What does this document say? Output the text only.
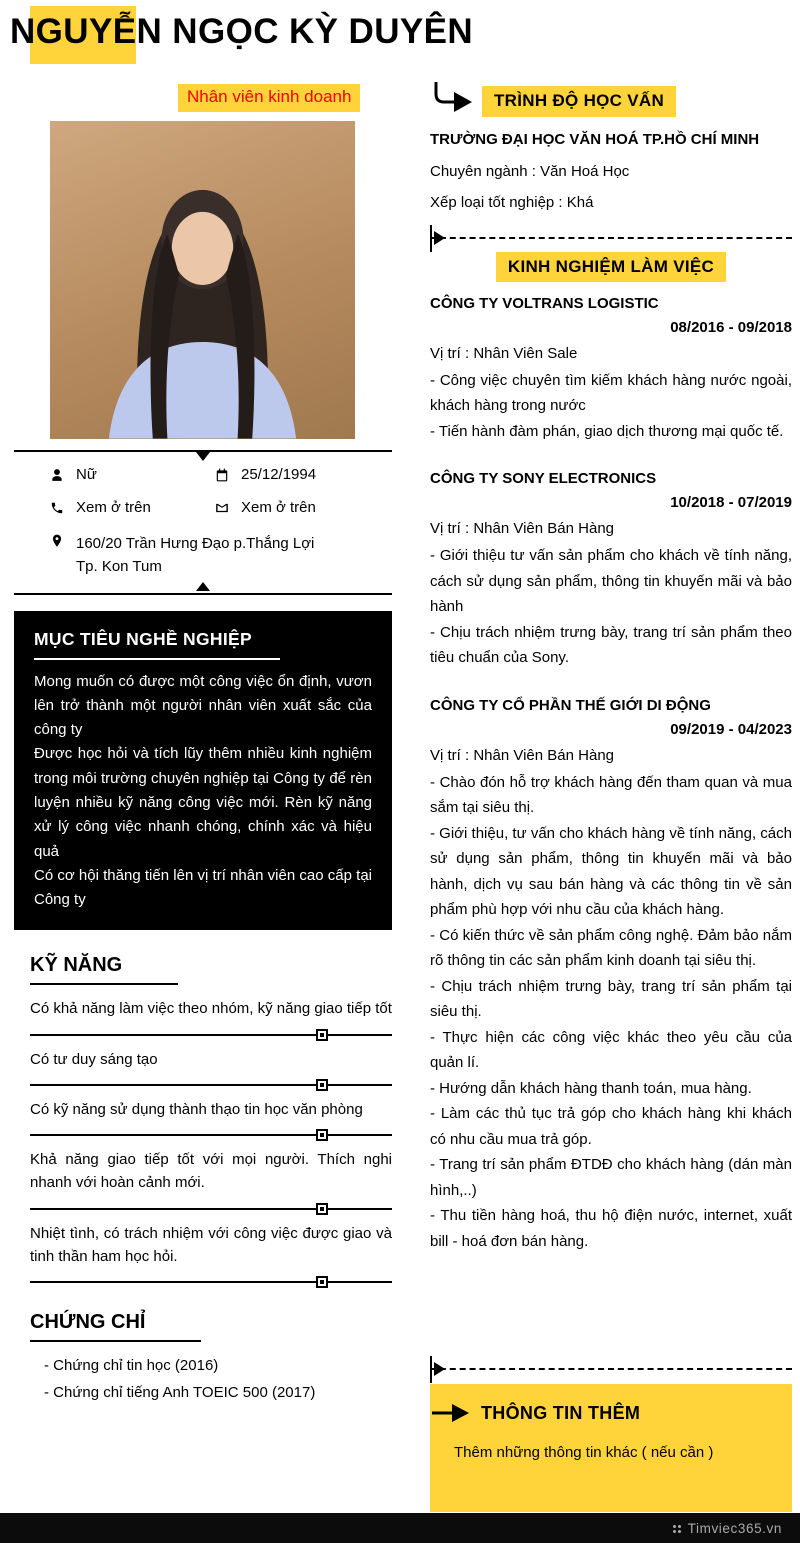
NGUYỄN NGỌC KỲ DUYÊN
Nhân viên kinh doanh
Nữ	25/12/1994
Xem ở trên	Xem ở trên
160/20 Trần Hưng Đạo p.Thắng Lợi Tp. Kon Tum
MỤC TIÊU NGHỀ NGHIỆP

Mong muốn có được một công việc ổn định, vươn lên trở thành một người nhân viên xuất sắc của công ty

Được học hỏi và tích lũy thêm nhiều kinh nghiệm trong môi trường chuyên nghiệp tại Công ty để rèn luyện nhiều kỹ năng công việc mới. Rèn kỹ năng xử lý công việc nhanh chóng, chính xác và hiệu quả

Có cơ hội thăng tiến lên vị trí nhân viên cao cấp tại Công ty

KỸ NĂNG

Có khả năng làm việc theo nhóm, kỹ năng giao tiếp tốt

Có tư duy sáng tạo

Có kỹ năng sử dụng thành thạo tin học văn phòng

Khả năng giao tiếp tốt với mọi người. Thích nghi nhanh với hoàn cảnh mới.

Nhiệt tình, có trách nhiệm với công việc được giao và tinh thần ham học hỏi.

CHỨNG CHỈ

- Chứng chỉ tin học (2016)

- Chứng chỉ tiếng Anh TOEIC 500 (2017)

TRÌNH ĐỘ HỌC VẤN
TRƯỜNG ĐẠI HỌC VĂN HOÁ TP.HỒ CHÍ MINH

Chuyên ngành : Văn Hoá Học

Xếp loại tốt nghiệp : Khá

KINH NGHIỆM LÀM VIỆC
CÔNG TY VOLTRANS LOGISTIC
08/2016 - 09/2018

Vị trí : Nhân Viên Sale

- Công việc chuyên tìm kiếm khách hàng nước ngoài, khách hàng trong nước

- Tiến hành đàm phán, giao dịch thương mại quốc tế.

CÔNG TY SONY ELECTRONICS
10/2018 - 07/2019

Vị trí : Nhân Viên Bán Hàng

- Giới thiệu tư vấn sản phẩm cho khách về tính năng, cách sử dụng sản phẩm, thông tin khuyến mãi và bảo hành

- Chịu trách nhiệm trưng bày, trang trí sản phẩm theo tiêu chuẩn của Sony.

CÔNG TY CỔ PHẦN THẾ GIỚI DI ĐỘNG
09/2019 - 04/2023

Vị trí : Nhân Viên Bán Hàng

- Chào đón hỗ trợ khách hàng đến tham quan và mua sắm tại siêu thị.

- Giới thiệu, tư vấn cho khách hàng về tính năng, cách sử dụng sản phẩm, thông tin khuyến mãi và bảo hành, dịch vụ sau bán hàng và các thông tin về sản phẩm phù hợp với nhu cầu của khách hàng.

- Có kiến thức về sản phẩm công nghệ. Đảm bảo nắm rõ thông tin các sản phẩm kinh doanh tại siêu thị.

- Chịu trách nhiệm trưng bày, trang trí sản phẩm tại siêu thị.

- Thực hiện các công việc khác theo yêu cầu của quản lí.

- Hướng dẫn khách hàng thanh toán, mua hàng.

- Làm các thủ tục trả góp cho khách hàng khi khách có nhu cầu mua trả góp.

- Trang trí sản phẩm ĐTDĐ cho khách hàng (dán màn hình,..)

- Thu tiền hàng hoá, thu hộ điện nước, internet, xuất bill - hoá đơn bán hàng.

THÔNG TIN THÊM

Thêm những thông tin khác ( nếu cần )

Timviec365.vn
